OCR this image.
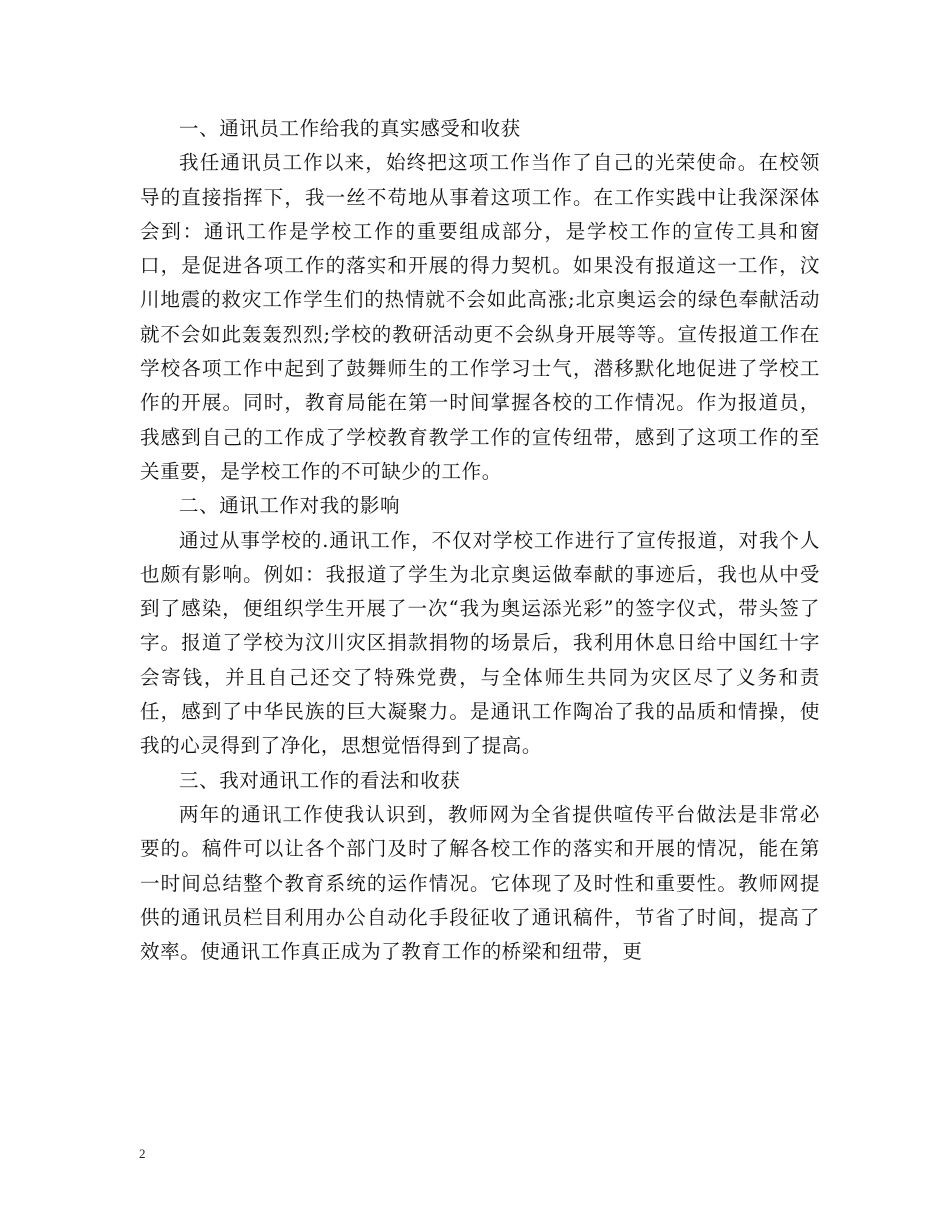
一、通讯员工作给我的真实感受和收获

我任通讯员工作以来，始终把这项工作当作了自己的光荣使命。在校领导的直接指挥下，我一丝不苟地从事着这项工作。在工作实践中让我深深体会到：通讯工作是学校工作的重要组成部分，是学校工作的宣传工具和窗口，是促进各项工作的落实和开展的得力契机。如果没有报道这一工作，汶川地震的救灾工作学生们的热情就不会如此高涨;北京奥运会的绿色奉献活动就不会如此轰轰烈烈;学校的教研活动更不会纵身开展等等。宣传报道工作在学校各项工作中起到了鼓舞师生的工作学习士气，潜移默化地促进了学校工作的开展。同时，教育局能在第一时间掌握各校的工作情况。作为报道员，我感到自己的工作成了学校教育教学工作的宣传纽带，感到了这项工作的至关重要，是学校工作的不可缺少的工作。

二、通讯工作对我的影响

通过从事学校的.通讯工作，不仅对学校工作进行了宣传报道，对我个人也颇有影响。例如：我报道了学生为北京奥运做奉献的事迹后，我也从中受到了感染，便组织学生开展了一次“我为奥运添光彩”的签字仪式，带头签了字。报道了学校为汶川灾区捐款捐物的场景后，我利用休息日给中国红十字会寄钱，并且自己还交了特殊党费，与全体师生共同为灾区尽了义务和责任，感到了中华民族的巨大凝聚力。是通讯工作陶冶了我的品质和情操，使我的心灵得到了净化，思想觉悟得到了提高。

三、我对通讯工作的看法和收获

两年的通讯工作使我认识到，教师网为全省提供喧传平台做法是非常必要的。稿件可以让各个部门及时了解各校工作的落实和开展的情况，能在第一时间总结整个教育系统的运作情况。它体现了及时性和重要性。教师网提供的通讯员栏目利用办公自动化手段征收了通讯稿件，节省了时间，提高了效率。使通讯工作真正成为了教育工作的桥梁和纽带，更

2
